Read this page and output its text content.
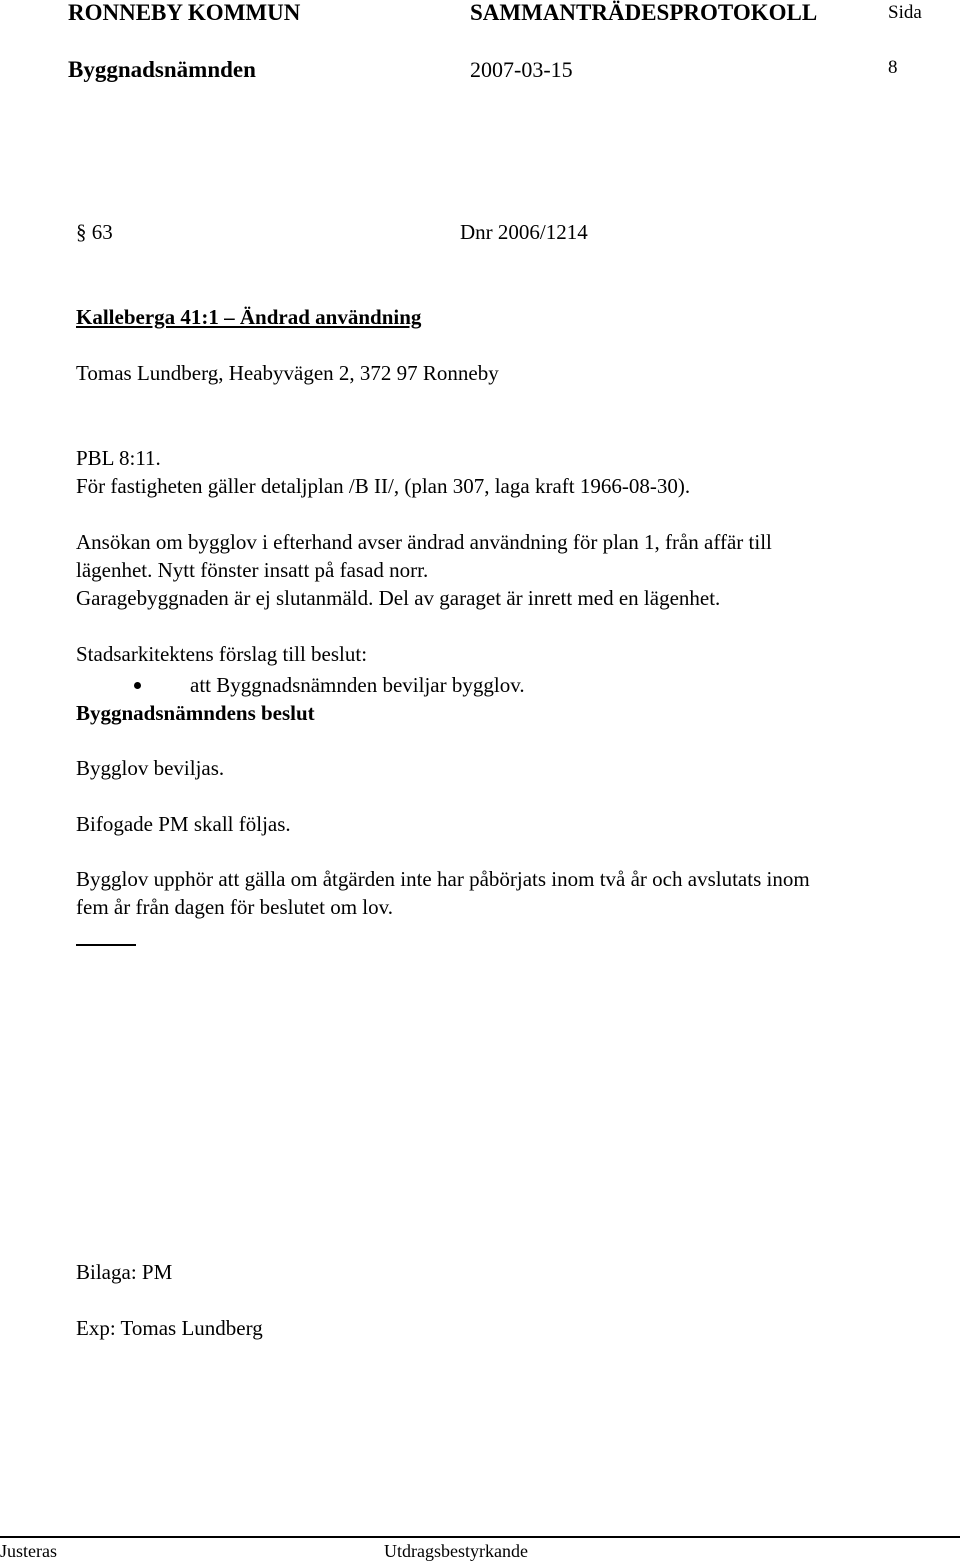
RONNEBY KOMMUN	SAMMANTRÄDESPROTOKOLL	Sida
Byggnadsnämnden	2007-03-15	8
§ 63	Dnr 2006/1214
Kalleberga 41:1 – Ändrad användning
Tomas Lundberg, Heabyvägen 2, 372 97 Ronneby
PBL 8:11.
För fastigheten gäller detaljplan /B II/, (plan 307, laga kraft 1966-08-30).
Ansökan om bygglov i efterhand avser ändrad användning för plan 1, från affär till
lägenhet. Nytt fönster insatt på fasad norr.
Garagebyggnaden är ej slutanmäld. Del av garaget är inrett med en lägenhet.
Stadsarkitektens förslag till beslut:
att Byggnadsnämnden beviljar bygglov.
Byggnadsnämndens beslut
Bygglov beviljas.
Bifogade PM skall följas.
Bygglov upphör att gälla om åtgärden inte har påbörjats inom två år och avslutats inom
fem år från dagen för beslutet om lov.
Bilaga: PM
Exp: Tomas Lundberg
Justeras	Utdragsbestyrkande
